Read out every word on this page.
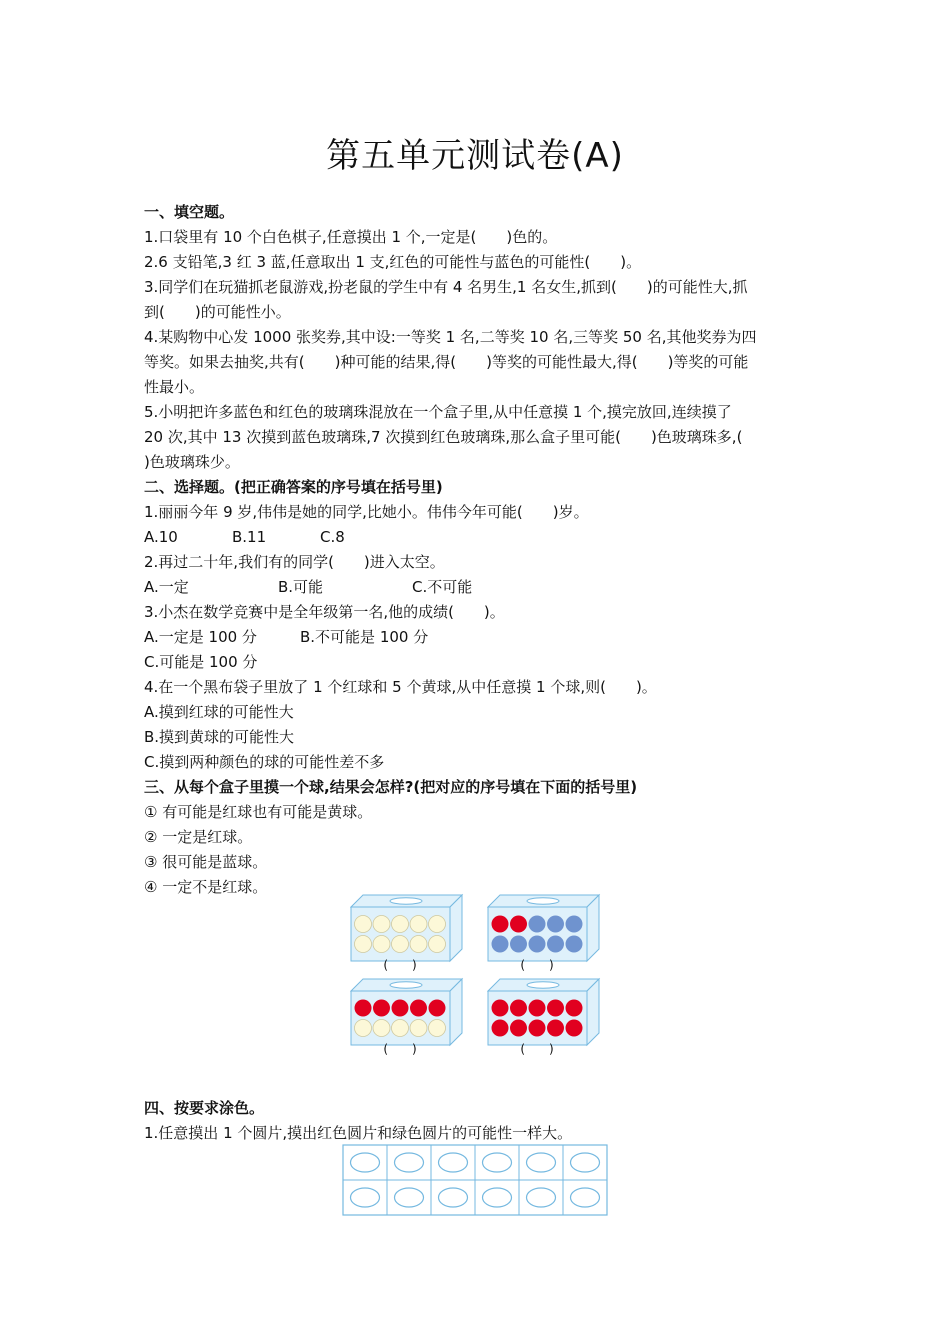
第五单元测试卷(A)
一、填空题。
1.口袋里有 10 个白色棋子,任意摸出 1 个,一定是(　　)色的。
2.6 支铅笔,3 红 3 蓝,任意取出 1 支,红色的可能性与蓝色的可能性(　　)。
3.同学们在玩猫抓老鼠游戏,扮老鼠的学生中有 4 名男生,1 名女生,抓到(　　)的可能性大,抓
到(　　)的可能性小。
4.某购物中心发 1000 张奖券,其中设:一等奖 1 名,二等奖 10 名,三等奖 50 名,其他奖券为四
等奖。如果去抽奖,共有(　　)种可能的结果,得(　　)等奖的可能性最大,得(　　)等奖的可能
性最小。
5.小明把许多蓝色和红色的玻璃珠混放在一个盒子里,从中任意摸 1 个,摸完放回,连续摸了
20 次,其中 13 次摸到蓝色玻璃珠,7 次摸到红色玻璃珠,那么盒子里可能(　　)色玻璃珠多,(
)色玻璃珠少。
二、选择题。(把正确答案的序号填在括号里)
1.丽丽今年 9 岁,伟伟是她的同学,比她小。伟伟今年可能(　　)岁。
A.10	B.11	C.8
2.再过二十年,我们有的同学(　　)进入太空。
A.一定	B.可能	C.不可能
3.小杰在数学竞赛中是全年级第一名,他的成绩(　　)。
A.一定是 100 分	B.不可能是 100 分
C.可能是 100 分
4.在一个黑布袋子里放了 1 个红球和 5 个黄球,从中任意摸 1 个球,则(　　)。
A.摸到红球的可能性大
B.摸到黄球的可能性大
C.摸到两种颜色的球的可能性差不多
三、从每个盒子里摸一个球,结果会怎样?(把对应的序号填在下面的括号里)
① 有可能是红球也有可能是黄球。
② 一定是红球。
③ 很可能是蓝球。
④ 一定不是红球。
(　　)	(　　)
(　　)	(　　)
四、按要求涂色。
1.任意摸出 1 个圆片,摸出红色圆片和绿色圆片的可能性一样大。
